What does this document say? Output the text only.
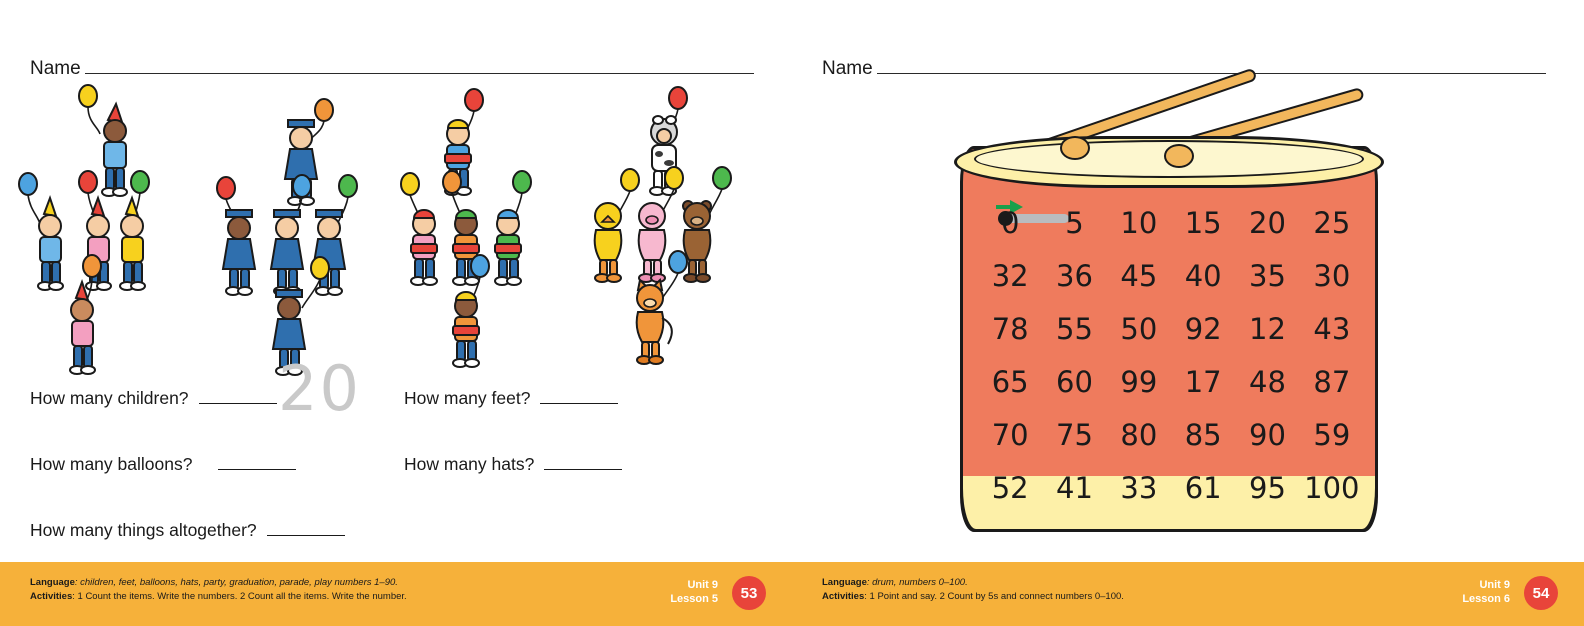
Name
20
How many children?	How many feet?
How many balloons?	How many hats?
How many things altogether?
Language: children, feet, balloons, hats, party, graduation, parade, play numbers 1–90.
Activities: 1 Count the items. Write the numbers. 2 Count all the items. Write the number.
Unit 9
Lesson 5	53
Name
0 5 10 15 20 25
32 36 45 40 35 30
78 55 50 92 12 43
65 60 99 17 48 87
70 75 80 85 90 59
52 41 33 61 95 100
Language: drum, numbers 0–100.
Activities: 1 Point and say. 2 Count by 5s and connect numbers 0–100.
Unit 9
Lesson 6	54
